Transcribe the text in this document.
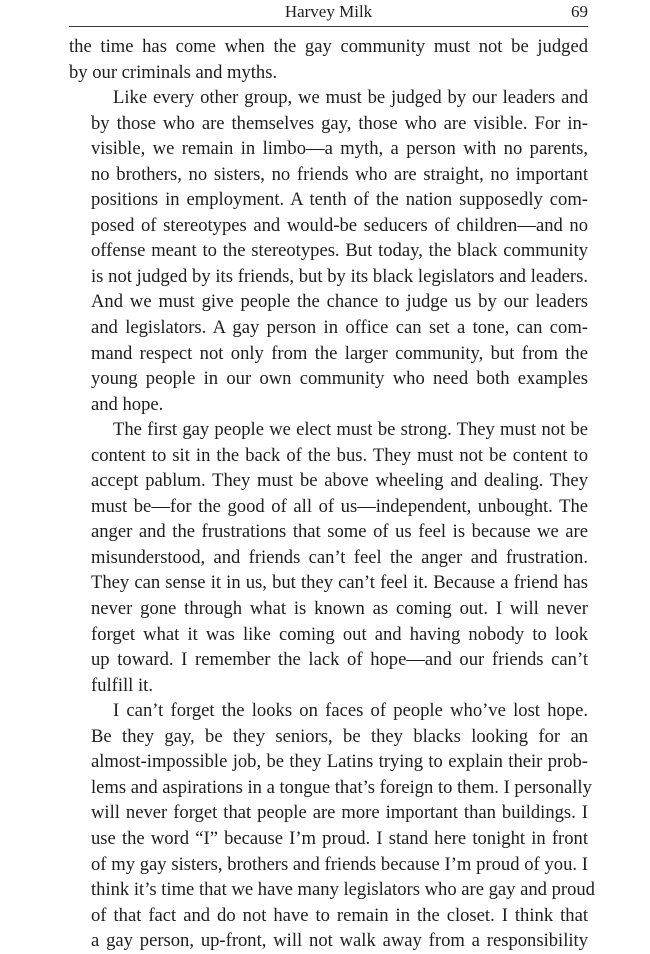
Harvey Milk	69

the time has come when the gay community must not be judged
by our criminals and myths.

Like every other group, we must be judged by our leaders and
by those who are themselves gay, those who are visible. For in-
visible, we remain in limbo—a myth, a person with no parents,
no brothers, no sisters, no friends who are straight, no important
positions in employment. A tenth of the nation supposedly com-
posed of stereotypes and would-be seducers of children—and no
offense meant to the stereotypes. But today, the black community
is not judged by its friends, but by its black legislators and leaders.
And we must give people the chance to judge us by our leaders
and legislators. A gay person in office can set a tone, can com-
mand respect not only from the larger community, but from the
young people in our own community who need both examples
and hope.

The first gay people we elect must be strong. They must not be
content to sit in the back of the bus. They must not be content to
accept pablum. They must be above wheeling and dealing. They
must be—for the good of all of us—independent, unbought. The
anger and the frustrations that some of us feel is because we are
misunderstood, and friends can’t feel the anger and frustration.
They can sense it in us, but they can’t feel it. Because a friend has
never gone through what is known as coming out. I will never
forget what it was like coming out and having nobody to look
up toward. I remember the lack of hope—and our friends can’t
fulfill it.

I can’t forget the looks on faces of people who’ve lost hope.
Be they gay, be they seniors, be they blacks looking for an
almost-impossible job, be they Latins trying to explain their prob-
lems and aspirations in a tongue that’s foreign to them. I personally
will never forget that people are more important than buildings. I
use the word “I” because I’m proud. I stand here tonight in front
of my gay sisters, brothers and friends because I’m proud of you. I
think it’s time that we have many legislators who are gay and proud
of that fact and do not have to remain in the closet. I think that
a gay person, up-front, will not walk away from a responsibility
